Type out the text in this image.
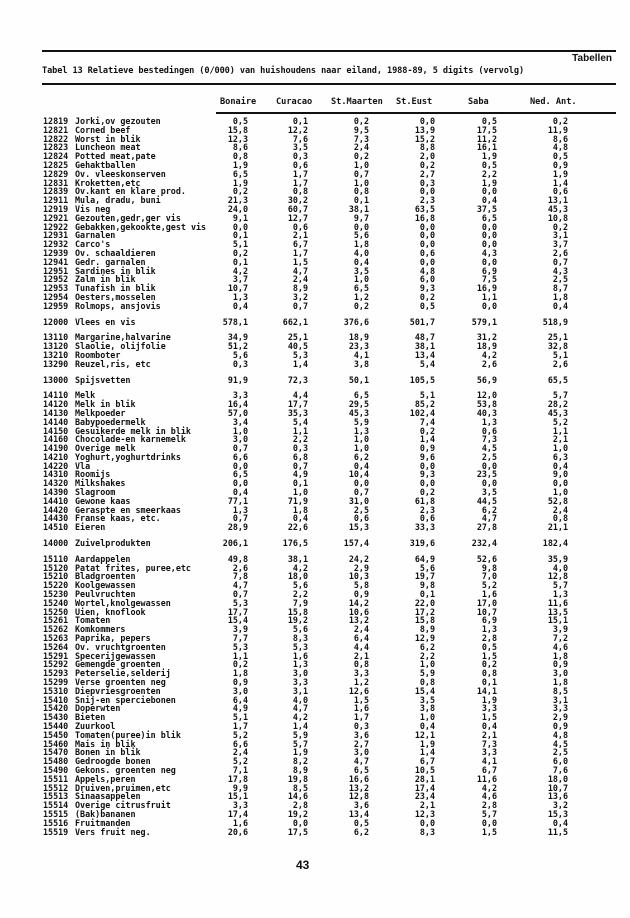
Tabellen
Tabel 13 Relatieve bestedingen (0/000) van huishoudens naar eiland, 1988-89, 5 digits (vervolg)
Bonaire Curacao St.Maarten St.Eust	Saba	Ned. Ant.
12819 Jorki,ov gezouten	0,5	0,1	0,2	0,0	0,5	0,2
12821 Corned beef	15,8	12,2	9,5	13,9	17,5	11,9
12822 Worst in blik	12,3	7,6	7,3	15,2	11,2	8,6
12823 Luncheon meat	8,6	3,5	2,4	8,8	16,1	4,8
12824 Potted meat,pate	0,8	0,3	0,2	2,0	1,9	0,5
12825 Gehaktballen	1,9	0,6	1,0	0,2	0,5	0,9
12829 Ov. vleeskonserven	6,5	1,7	0,7	2,7	2,2	1,9
12831 Kroketten,etc	1,9	1,7	1,0	0,3	1,9	1,4
12839 Ov.kant en klare prod.	0,2	0,8	0,8	0,0	0,0	0,6
12911 Mula, dradu, buni	21,3	30,2	0,1	2,3	0,4	13,1
12919 Vis neg	24,0	60,7	38,1	63,5	37,5	45,3
12921 Gezouten,gedr,ger vis	9,1	12,7	9,7	16,8	6,5	10,8
12922 Gebakken,gekookte,gest vis	0,0	0,6	0,0	0,0	0,0	0,2
12931 Garnalen	0,1	2,1	5,6	0,0	0,0	3,1
12932 Carco's	5,1	6,7	1,8	0,0	0,0	3,7
12939 Ov. schaaldieren	0,2	1,7	4,0	0,6	4,3	2,6
12941 Gedr. garnalen	0,1	1,5	0,4	0,0	0,0	0,7
12951 Sardines in blik	4,2	4,7	3,5	4,8	6,9	4,3
12952 Zalm in blik	3,7	2,4	1,0	6,0	7,5	2,5
12953 Tunafish in blik	10,7	8,9	6,5	9,3	16,9	8,7
12954 Oesters,mosselen	1,3	3,2	1,2	0,2	1,1	1,8
12959 Rolmops, ansjovis	0,4	0,7	0,2	0,5	0,0	0,4
12000 Vlees en vis	578,1	662,1	376,6	501,7	579,1	518,9
13110 Margarine,halvarine	34,9	25,1	18,9	48,7	31,2	25,1
13120 Slaolie, olijfolie	51,2	40,5	23,3	38,1	18,9	32,8
13210 Roomboter	5,6	5,3	4,1	13,4	4,2	5,1
13290 Reuzel,ris, etc	0,3	1,4	3,8	5,4	2,6	2,6
13000 Spijsvetten	91,9	72,3	50,1	105,5	56,9	65,5
14110 Melk	3,3	4,4	6,5	5,1	12,0	5,7
14120 Melk in blik	16,4	17,7	29,5	85,2	53,8	28,2
14130 Melkpoeder	57,0	35,3	45,3	102,4	40,3	45,3
14140 Babypoedermelk	3,4	5,4	5,9	7,4	1,3	5,2
14150 Gesuikerde melk in blik	1,0	1,1	1,3	0,2	0,6	1,1
14160 Chocolade-en karnemelk	3,0	2,2	1,0	1,4	7,3	2,1
14190 Overige melk	0,7	0,3	1,0	0,9	4,5	1,0
14210 Yoghurt,yoghurtdrinks	6,6	6,8	6,2	9,6	2,5	6,3
14220 Vla	0,0	0,7	0,4	0,0	0,0	0,4
14310 Roomijs	6,5	4,9	10,4	9,3	23,5	9,0
14320 Milkshakes	0,0	0,1	0,0	0,0	0,0	0,0
14390 Slagroom	0,4	1,0	0,7	0,2	3,5	1,0
14410 Gewone kaas	77,1	71,9	31,0	61,8	44,5	52,8
14420 Geraspte en smeerkaas	1,3	1,8	2,5	2,3	6,2	2,4
14430 Franse kaas, etc.	0,7	0,4	0,6	0,6	4,7	0,8
14510 Eieren	28,9	22,6	15,3	33,3	27,8	21,1
14000 Zuivelprodukten	206,1	176,5	157,4	319,6	232,4	182,4
15110 Aardappelen	49,8	38,1	24,2	64,9	52,6	35,9
15120 Patat frites, puree,etc	2,6	4,2	2,9	5,6	9,8	4,0
15210 Bladgroenten	7,8	18,0	10,3	19,7	7,0	12,8
15220 Koolgewassen	4,7	5,6	5,8	9,8	5,2	5,7
15230 Peulvruchten	0,7	2,2	0,9	0,1	1,6	1,3
15240 Wortel,knolgewassen	5,3	7,9	14,2	22,0	17,0	11,6
15250 Uien, knoflook	17,7	15,8	10,6	17,2	10,7	13,5
15261 Tomaten	15,4	19,2	13,2	15,8	6,9	15,1
15262 Komkommers	3,9	5,6	2,4	8,9	1,3	3,9
15263 Paprika, pepers	7,7	8,3	6,4	12,9	2,8	7,2
15264 Ov. vruchtgroenten	5,3	5,3	4,4	6,2	0,5	4,6
15291 Specerijgewassen	1,1	1,6	2,1	2,2	1,5	1,8
15292 Gemengde groenten	0,2	1,3	0,8	1,0	0,2	0,9
15293 Peterselie,selderij	1,8	3,0	3,3	5,9	0,8	3,0
15299 Verse groenten neg	0,9	3,3	1,2	0,8	0,1	1,8
15310 Diepvriesgroenten	3,0	3,1	12,6	15,4	14,1	8,5
15410 Snij-en sperciebonen	6,4	4,0	1,5	3,5	1,9	3,1
15420 Doperwten	4,9	4,7	1,6	3,8	3,3	3,3
15430 Bieten	5,1	4,2	1,7	1,0	1,5	2,9
15440 Zuurkool	1,7	1,4	0,3	0,4	0,4	0,9
15450 Tomaten(puree)in blik	5,2	5,9	3,6	12,1	2,1	4,8
15460 Mais in blik	6,6	5,7	2,7	1,9	7,3	4,5
15470 Bonen in blik	2,4	1,9	3,0	1,4	3,3	2,5
15480 Gedroogde bonen	5,2	8,2	4,7	6,7	4,1	6,0
15490 Gekons. groenten neg	7,1	8,9	6,5	10,5	6,7	7,6
15511 Appels,peren	17,8	19,8	16,6	28,1	11,6	18,0
15512 Druiven,pruimen,etc	9,9	8,5	13,2	17,4	4,2	10,7
15513 Sinaasappelen	15,1	14,6	12,8	23,4	4,6	13,6
15514 Overige citrusfruit	3,3	2,8	3,6	2,1	2,8	3,2
15515 (Bak)bananen	17,4	19,2	13,4	12,3	5,7	15,3
15516 Fruitmanden	1,6	0,0	0,5	0,0	0,0	0,4
15519 Vers fruit neg.	20,6	17,5	6,2	8,3	1,5	11,5
43
